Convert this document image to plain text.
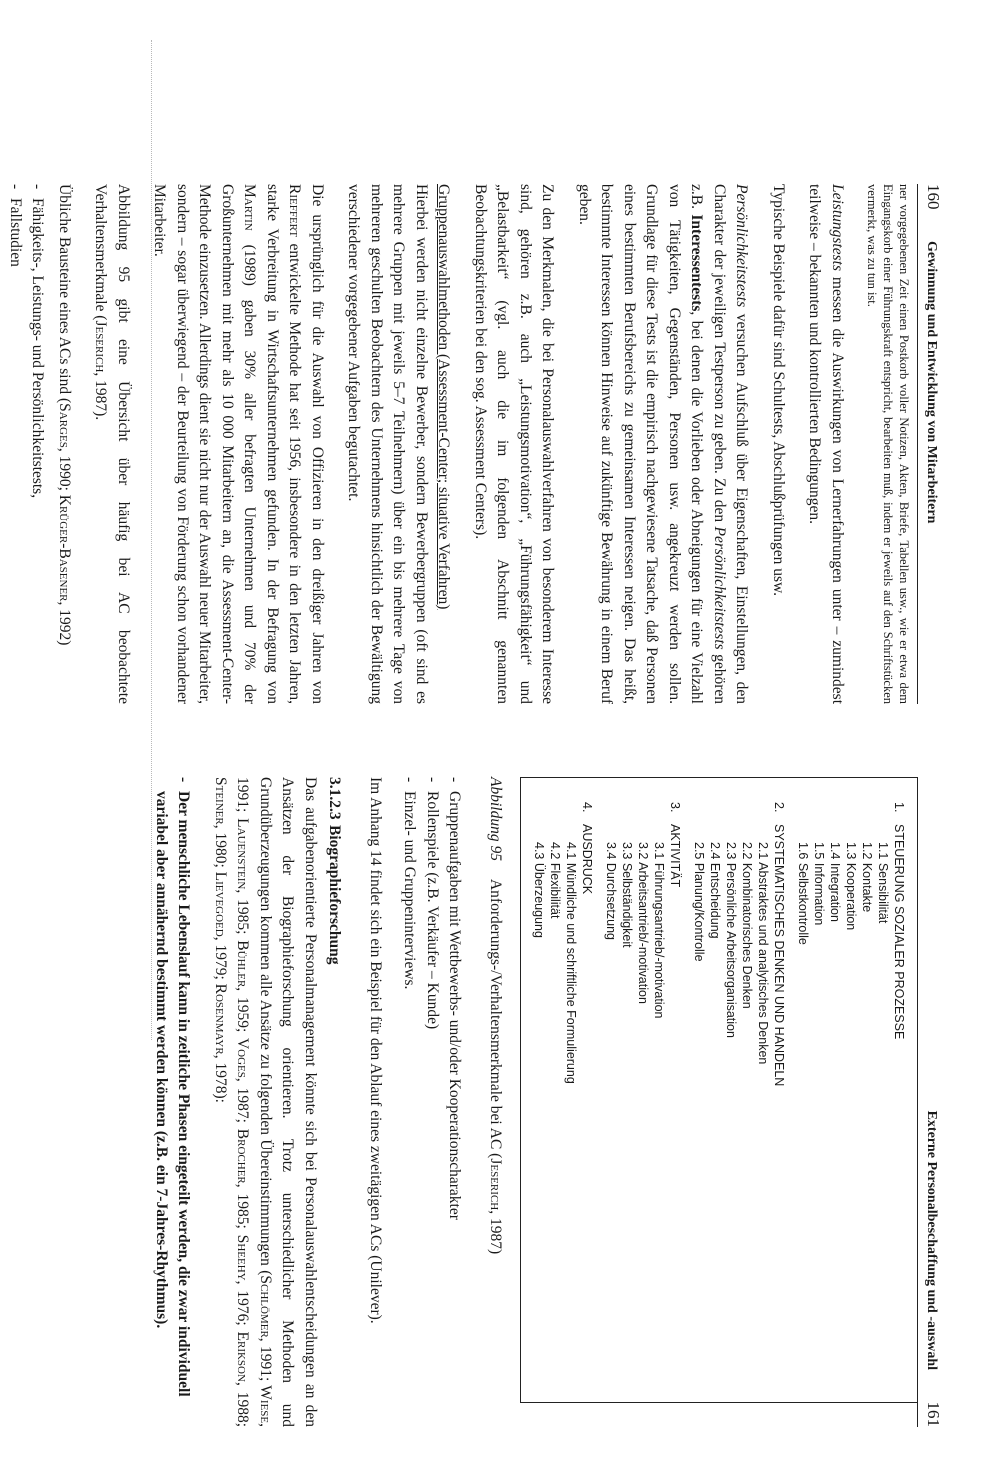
160 Gewinnung und Entwicklung von Mitarbeitern

ner vorgegebenen Zeit einen Postkorb voller Notizen, Akten, Briefe, Tabellen usw., wie er etwa dem Eingangskorb einer Führungskraft entspricht, bearbeiten muß, indem er jeweils auf den Schriftstücken vermerkt, was zu tun ist.

Leistungstests messen die Auswirkungen von Lernerfahrungen unter – zumindest teilweise – bekannten und kontrollierten Bedingungen.

Typische Beispiele dafür sind Schultests, Abschlußprüfungen usw.

Persönlichkeitstests versuchen Aufschluß über Eigenschaften, Einstellungen, den Charakter der jeweiligen Testperson zu geben. Zu den Persönlichkeitstests gehören z.B. Interessentests, bei denen die Vorlieben oder Abneigungen für eine Vielzahl von Tätigkeiten, Gegenständen, Personen usw. angekreuzt werden sollen. Grundlage für diese Tests ist die empirisch nachgewiesene Tatsache, daß Personen eines bestimmten Berufsbereichs zu gemeinsamen Interessen neigen. Das heißt, bestimmte Interessen können Hinweise auf zukünftige Bewährung in einem Beruf geben.

Zu den Merkmalen, die bei Personalauswahlverfahren von besonderem Interesse sind, gehören z.B. auch „Leistungsmotivation“, „Führungsfähigkeit“ und „Belastbarkeit“ (vgl. auch die im folgenden Abschnitt genannten Beobachtungskriterien bei den sog. Assessment Centers).

Gruppenauswahlmethoden (Assessment-Center; situative Verfahren)

Hierbei werden nicht einzelne Bewerber, sondern Bewerbergruppen (oft sind es mehrere Gruppen mit jeweils 5–7 Teilnehmern) über ein bis mehrere Tage von mehreren geschulten Beobachtern des Unternehmens hinsichtlich der Bewältigung verschiedener vorgegebener Aufgaben begutachtet.

Die ursprünglich für die Auswahl von Offizieren in den dreißiger Jahren von Rieffert entwickelte Methode hat seit 1956, insbesondere in den letzten Jahren, starke Verbreitung in Wirtschaftsunternehmen gefunden. In der Befragung von Martin (1989) gaben 30% aller befragten Unternehmen und 70% der Großunternehmen mit mehr als 10 000 Mitarbeitern an, die Assessment-Center-Methode einzusetzen. Allerdings dient sie nicht nur der Auswahl neuer Mitarbeiter, sondern – sogar überwiegend – der Beurteilung von Förderung schon vorhandener Mitarbeiter.

Abbildung 95 gibt eine Übersicht über häufig bei AC beobachtete Verhaltensmerkmale (Jeserich, 1987).

Übliche Bausteine eines ACs sind (Sarges, 1990; Krüger-Basener, 1992)

- Fähigkeits-, Leistungs- und Persönlichkeitstests,
- Fallstudien
-
Externe Personalbeschaffung und -auswahl 161
1.
STEUERUNG SOZIALER PROZESSE
1.1 Sensibilität
1.2 Kontakte
1.3 Kooperation
1.4 Integration
1.5 Information
1.6 Selbstkontrolle
2.
SYSTEMATISCHES DENKEN UND HANDELN
2.1 Abstraktes und analytisches Denken
2.2 Kombinatorisches Denken
2.3 Persönliche Arbeitsorganisation
2.4 Entscheidung
2.5 Planung/Kontrolle
3.
AKTIVITÄT
3.1 Führungsantrieb/-motivation
3.2 Arbeitsantrieb/-motivation
3.3 Selbständigkeit
3.4 Durchsetzung
4.
AUSDRUCK
4.1 Mündliche und schriftliche Formulierung
4.2 Flexibilität
4.3 Überzeugung

Abbildung 95Anforderungs-/Verhaltensmerkmale bei AC (Jeserich, 1987)

- Gruppenaufgaben mit Wettbewerbs- und/oder Kooperationscharakter
- Rollenspiele (z.B. Verkäufer – Kunde)
- Einzel- und Gruppeninterviews.

Im Anhang 14 findet sich ein Beispiel für den Ablauf eines zweitägigen ACs (Unilever).

3.1.2.3Biographieforschung

Das aufgabenorientierte Personalmanagement könnte sich bei Personalauswahlentscheidungen an den Ansätzen der Biographieforschung orientieren. Trotz unterschiedlicher Methoden und Grundüberzeugungen kommen alle Ansätze zu folgenden Übereinstimmungen (Schlömer, 1991; Wiese, 1991; Lauenstein, 1985; Bühler, 1959; Voges, 1987; Brocher, 1985; Sheehy, 1976; Erikson, 1988; Steiner, 1980; Lievegoed, 1979; Rosenmayr, 1978):

- Der menschliche Lebenslauf kann in zeitliche Phasen eingeteilt werden, die zwar individuell variabel aber annähernd bestimmt werden können (z.B. ein 7-Jahres-Rhythmus).
